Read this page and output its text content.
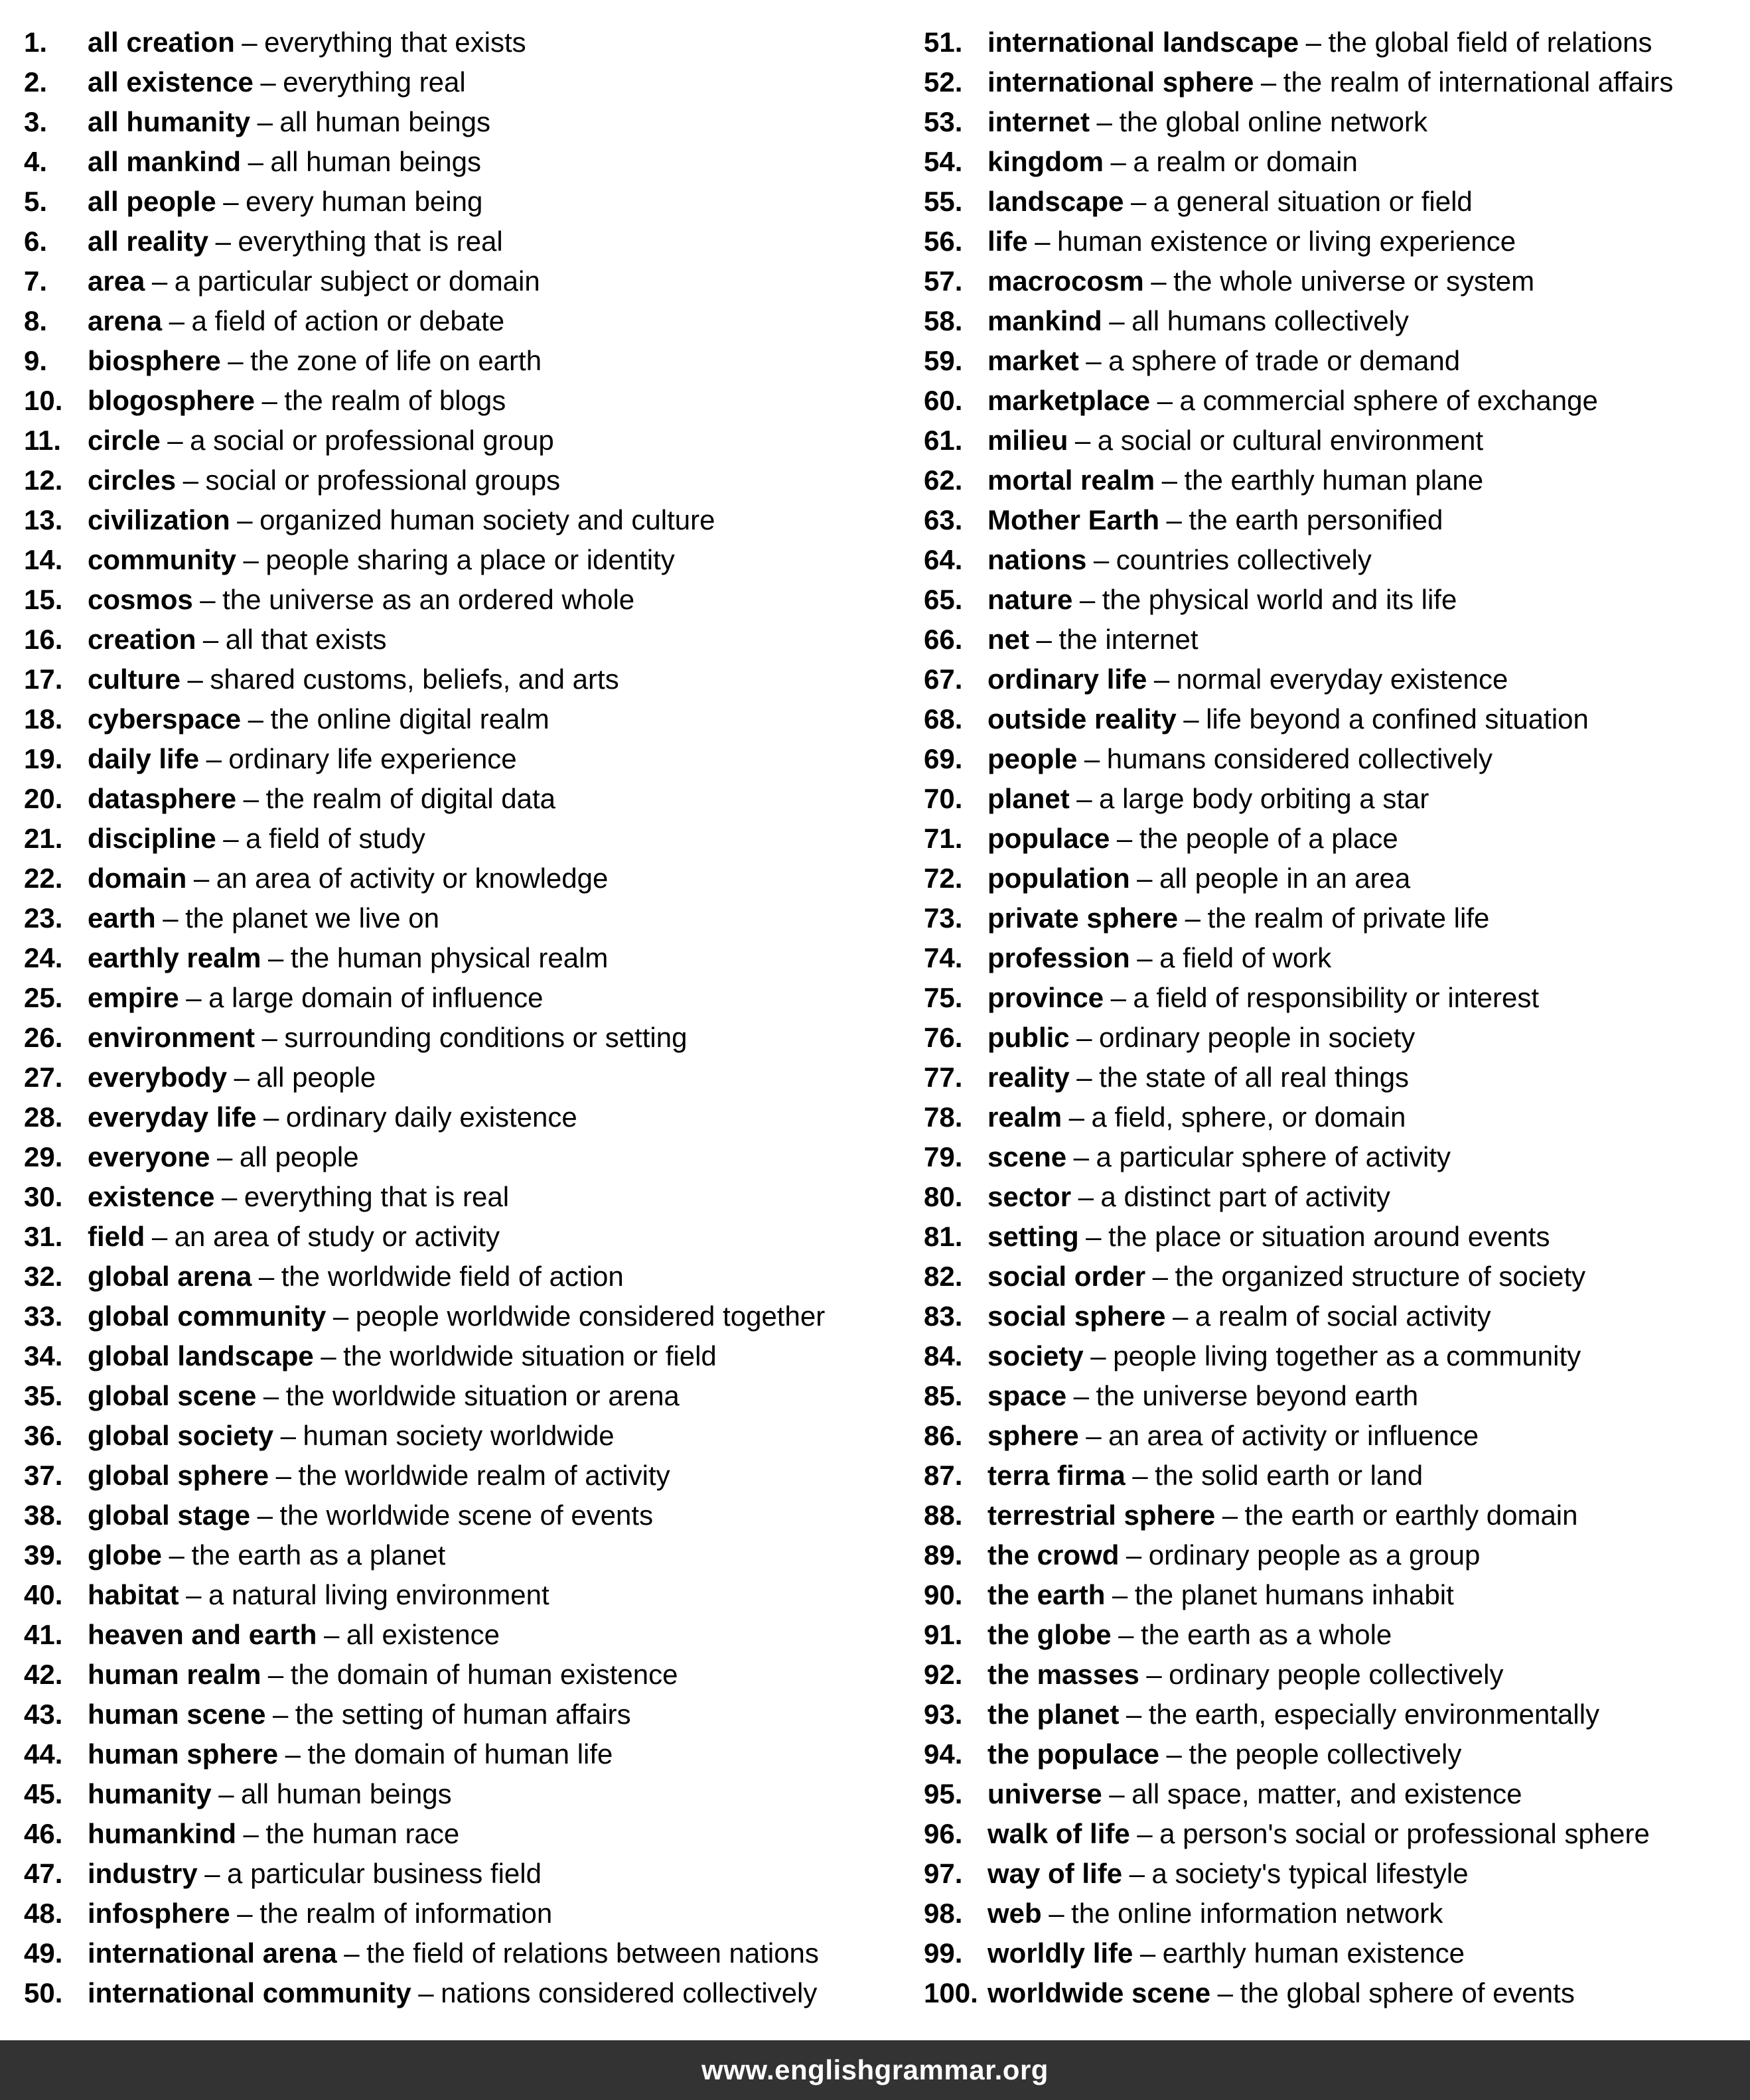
1.	all creation – everything that exists
2.	all existence – everything real
3.	all humanity – all human beings
4.	all mankind – all human beings
5.	all people – every human being
6.	all reality – everything that is real
7.	area – a particular subject or domain
8.	arena – a field of action or debate
9.	biosphere – the zone of life on earth
10. blogosphere – the realm of blogs
11. circle – a social or professional group
12. circles – social or professional groups
13. civilization – organized human society and culture
14. community – people sharing a place or identity
15. cosmos – the universe as an ordered whole
16. creation – all that exists
17. culture – shared customs, beliefs, and arts
18. cyberspace – the online digital realm
19. daily life – ordinary life experience
20. datasphere – the realm of digital data
21. discipline – a field of study
22. domain – an area of activity or knowledge
23. earth – the planet we live on
24. earthly realm – the human physical realm
25. empire – a large domain of influence
26. environment – surrounding conditions or setting
27. everybody – all people
28. everyday life – ordinary daily existence
29. everyone – all people
30. existence – everything that is real
31. field – an area of study or activity
32. global arena – the worldwide field of action
33. global community – people worldwide considered together
34. global landscape – the worldwide situation or field
35. global scene – the worldwide situation or arena
36. global society – human society worldwide
37. global sphere – the worldwide realm of activity
38. global stage – the worldwide scene of events
39. globe – the earth as a planet
40. habitat – a natural living environment
41. heaven and earth – all existence
42. human realm – the domain of human existence
43. human scene – the setting of human affairs
44. human sphere – the domain of human life
45. humanity – all human beings
46. humankind – the human race
47. industry – a particular business field
48. infosphere – the realm of information
49. international arena – the field of relations between nations
50. international community – nations considered collectively
51. international landscape – the global field of relations
52. international sphere – the realm of international affairs
53. internet – the global online network
54. kingdom – a realm or domain
55. landscape – a general situation or field
56. life – human existence or living experience
57. macrocosm – the whole universe or system
58. mankind – all humans collectively
59. market – a sphere of trade or demand
60. marketplace – a commercial sphere of exchange
61. milieu – a social or cultural environment
62. mortal realm – the earthly human plane
63. Mother Earth – the earth personified
64. nations – countries collectively
65. nature – the physical world and its life
66. net – the internet
67. ordinary life – normal everyday existence
68. outside reality – life beyond a confined situation
69. people – humans considered collectively
70. planet – a large body orbiting a star
71. populace – the people of a place
72. population – all people in an area
73. private sphere – the realm of private life
74. profession – a field of work
75. province – a field of responsibility or interest
76. public – ordinary people in society
77. reality – the state of all real things
78. realm – a field, sphere, or domain
79. scene – a particular sphere of activity
80. sector – a distinct part of activity
81. setting – the place or situation around events
82. social order – the organized structure of society
83. social sphere – a realm of social activity
84. society – people living together as a community
85. space – the universe beyond earth
86. sphere – an area of activity or influence
87. terra firma – the solid earth or land
88. terrestrial sphere – the earth or earthly domain
89. the crowd – ordinary people as a group
90. the earth – the planet humans inhabit
91. the globe – the earth as a whole
92. the masses – ordinary people collectively
93. the planet – the earth, especially environmentally
94. the populace – the people collectively
95. universe – all space, matter, and existence
96. walk of life – a person's social or professional sphere
97. way of life – a society's typical lifestyle
98. web – the online information network
99. worldly life – earthly human existence
100. worldwide scene – the global sphere of events
www.englishgrammar.org
